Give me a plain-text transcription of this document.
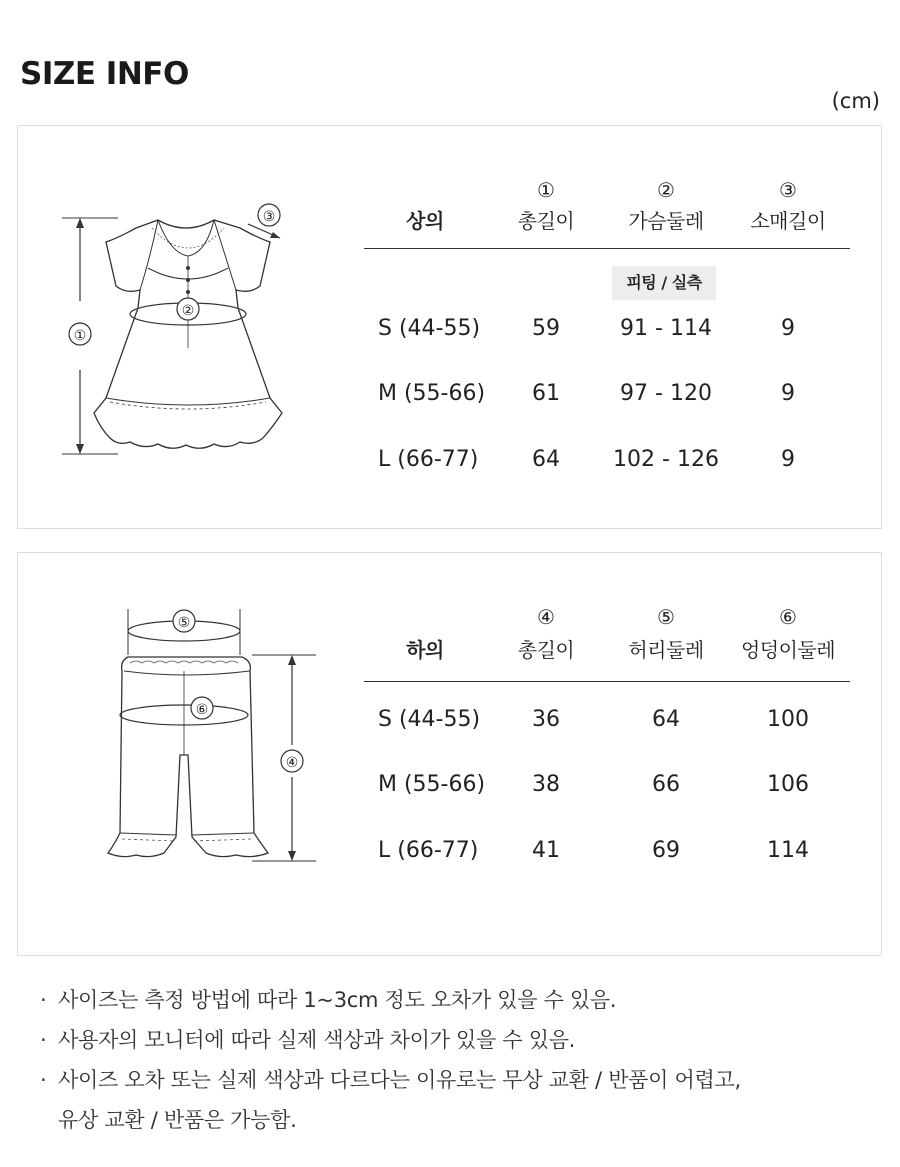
SIZE INFO
(cm)
①
③
②
①	②	③
상의	총길이	가슴둘레	소매길이
피팅 / 실측
S (44-55)	59	91 - 114	9
M (55-66)	61	97 - 120	9
L (66-77)	64	102 - 126	9
⑤
④
⑥
④	⑤	⑥
하의	총길이	허리둘레	엉덩이둘레
S (44-55)	36	64	100
M (55-66)	38	66	106
L (66-77)	41	69	114
· 사이즈는 측정 방법에 따라 1~3cm 정도 오차가 있을 수 있음.
· 사용자의 모니터에 따라 실제 색상과 차이가 있을 수 있음.
· 사이즈 오차 또는 실제 색상과 다르다는 이유로는 무상 교환 / 반품이 어렵고,
유상 교환 / 반품은 가능함.
